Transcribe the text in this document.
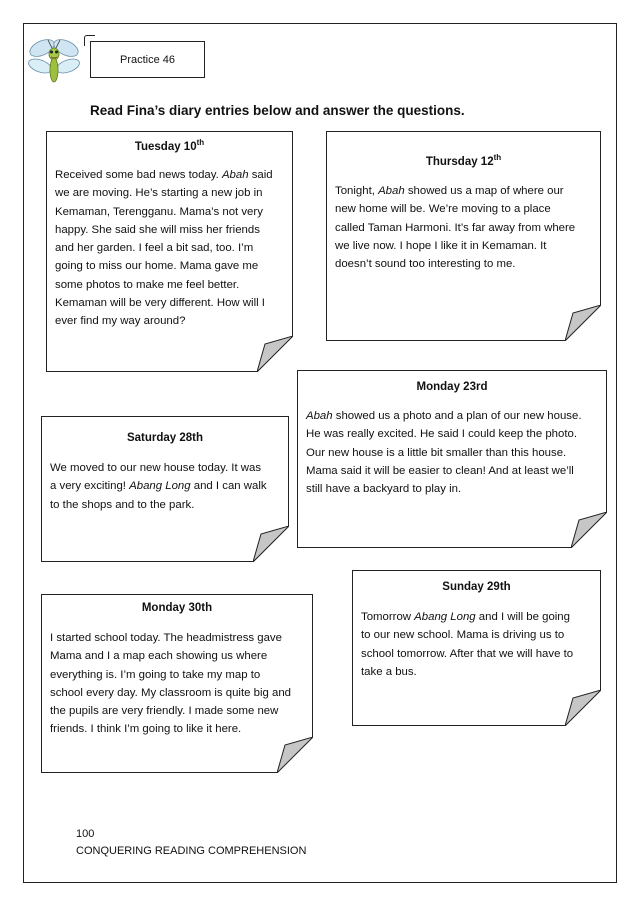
Practice 46
Read Fina’s diary entries below and answer the questions.
Tuesday 10th
Received some bad news today. Abah said
we are moving. He’s starting a new job in
Kemaman, Terengganu. Mama’s not very
happy. She said she will miss her friends
and her garden. I feel a bit sad, too. I’m
going to miss our home. Mama gave me
some photos to make me feel better.
Kemaman will be very different. How will I
ever find my way around?
Thursday 12th
Tonight, Abah showed us a map of where our
new home will be. We’re moving to a place
called Taman Harmoni. It’s far away from where
we live now. I hope I like it in Kemaman. It
doesn’t sound too interesting to me.
Monday 23rd
Abah showed us a photo and a plan of our new house.
He was really excited. He said I could keep the photo.
Our new house is a little bit smaller than this house.
Mama said it will be easier to clean! And at least we’ll
still have a backyard to play in.
Saturday 28th
We moved to our new house today. It was
a very exciting! Abang Long and I can walk
to the shops and to the park.
Sunday 29th
Tomorrow Abang Long and I will be going
to our new school. Mama is driving us to
school tomorrow. After that we will have to
take a bus.
Monday 30th
I started school today. The headmistress gave
Mama and I a map each showing us where
everything is. I’m going to take my map to
school every day. My classroom is quite big and
the pupils are very friendly. I made some new
friends. I think I’m going to like it here.
100
CONQUERING READING COMPREHENSION
